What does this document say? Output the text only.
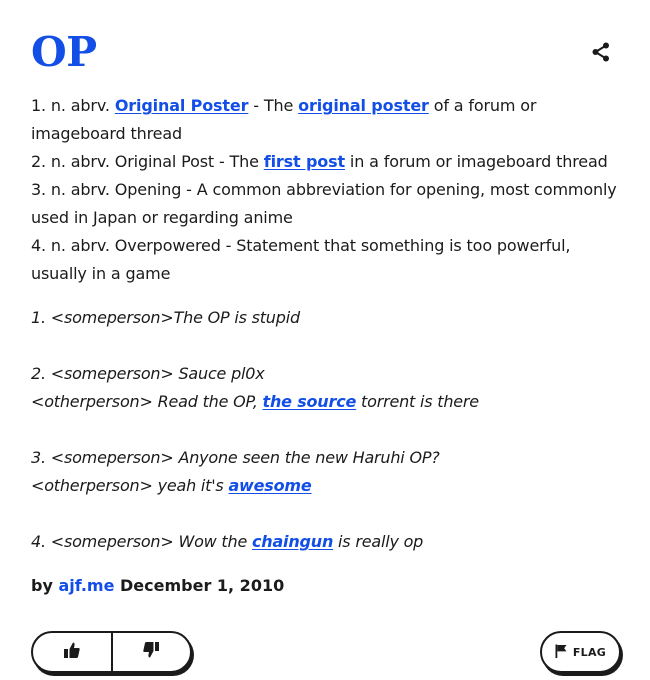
OP
1. n. abrv. Original Poster - The original poster of a forum or imageboard thread
2. n. abrv. Original Post - The first post in a forum or imageboard thread
3. n. abrv. Opening - A common abbreviation for opening, most commonly used in Japan or regarding anime
4. n. abrv. Overpowered - Statement that something is too powerful, usually in a game
1. <someperson>The OP is stupid
2. <someperson> Sauce pl0x
<otherperson> Read the OP, the source torrent is there
3. <someperson> Anyone seen the new Haruhi OP?
<otherperson> yeah it's awesome
4. <someperson> Wow the chaingun is really op
by ajf.me December 1, 2010
FLAG
